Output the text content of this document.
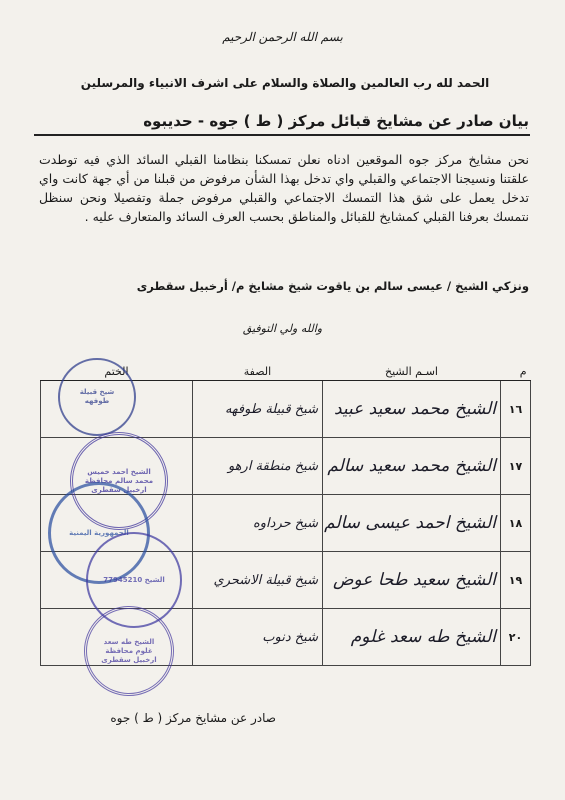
بسم الله الرحمن الرحيم
الحمد لله رب العالمين والصلاة والسلام على اشرف الانبياء والمرسلين
بيان صادر عن مشايخ قبائل مركز ( ط ) جوه - حديبوه
نحن مشايخ مركز جوه الموقعين ادناه نعلن تمسكنا بنظامنا القبلي السائد الذي فيه توطدت علقتنا ونسيجنا الاجتماعي والقبلي واي تدخل بهذا الشأن مرفوض من قبلنا من أي جهة كانت واي تدخل يعمل على شق هذا التمسك الاجتماعي والقبلي مرفوض جملة وتفصيلا ونحن سنظل نتمسك بعرفنا القبلي كمشايخ للقبائل والمناطق بحسب العرف السائد والمتعارف عليه .
ونزكي الشيخ / عيسى سالم بن ياقوت شيخ مشايخ م/ أرخبيل سقطرى
والله ولي التوفيق
م	اسـم الشيخ	الصفة	الختم
١٦	الشيخ محمد سعيد عبيد	شيخ قبيلة طوفهه	
١٧	الشيخ محمد سعيد سالم	شيخ منطقة ارهو	
١٨	الشيخ احمد عيسى سالم	شيخ حرداوه	
١٩	الشيخ سعيد طحا عوض	شيخ قبيلة الاشحري	
٢٠	الشيخ طه سعد غلوم	شيخ دنوب	
شيخ قبيلة طوفهه
الشيخ احمد خميس محمد سالم محافظة ارخبيل سقطرى
الجمهورية اليمنية
الشيخ 77945210
الشيخ طه سعد غلوم محافظة ارخبيل سقطرى
صادر عن مشايخ مركز ( ط ) جوه
